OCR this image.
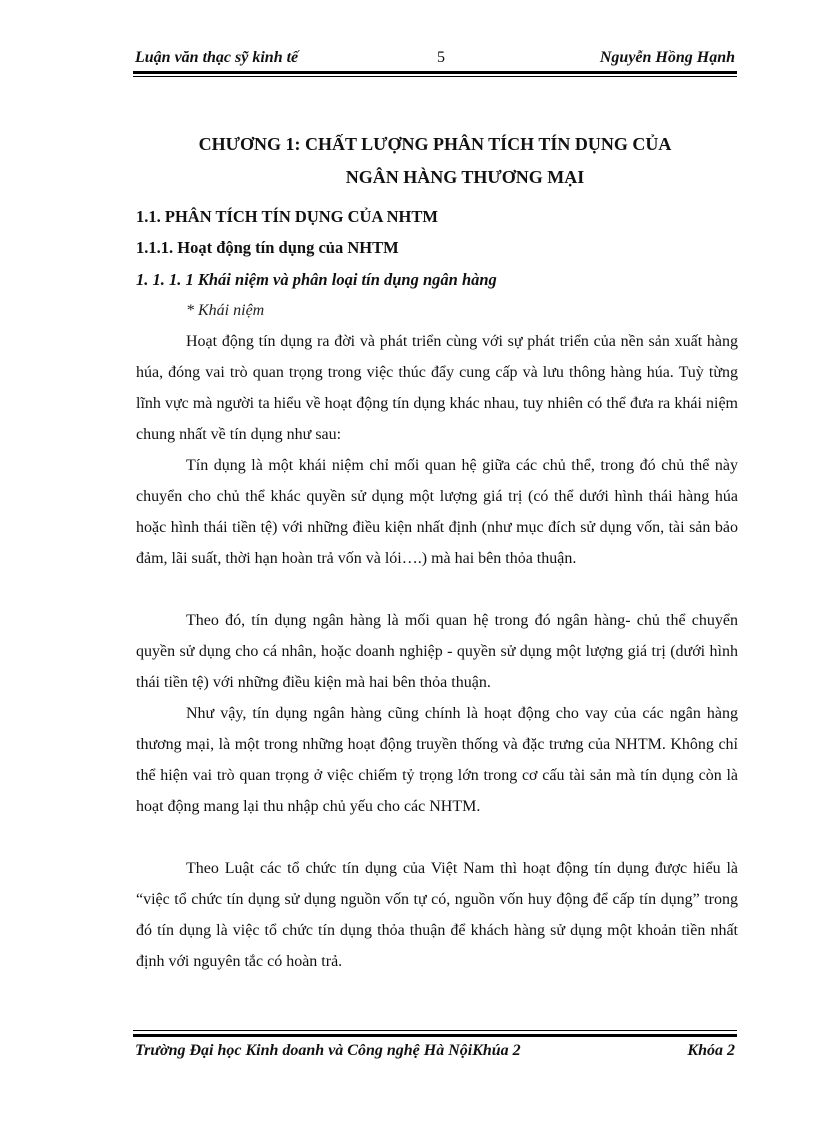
Luận văn thạc sỹ kinh tế	5	Nguyễn Hồng Hạnh
CHƯƠNG 1: CHẤT LƯỢNG PHÂN TÍCH TÍN DỤNG CỦA
NGÂN HÀNG THƯƠNG MẠI
1.1. PHÂN TÍCH TÍN DỤNG CỦA NHTM
1.1.1. Hoạt động tín dụng của NHTM
1. 1. 1. 1 Khái niệm và phân loại tín dụng ngân hàng
* Khái niệm
Hoạt động tín dụng ra đời và phát triển cùng với sự phát triển của nền sản xuất hàng húa, đóng vai trò quan trọng trong việc thúc đẩy cung cấp và lưu thông hàng húa. Tuỳ từng lĩnh vực mà người ta hiểu về hoạt động tín dụng khác nhau, tuy nhiên có thể đưa ra khái niệm chung nhất về tín dụng như sau:
Tín dụng là một khái niệm chỉ mối quan hệ giữa các chủ thể, trong đó chủ thể này chuyển cho chủ thể khác quyền sử dụng một lượng giá trị (có thể dưới hình thái hàng húa hoặc hình thái tiền tệ) với những điều kiện nhất định (như mục đích sử dụng vốn, tài sản bảo đảm, lãi suất, thời hạn hoàn trả vốn và lói….) mà hai bên thỏa thuận.
Theo đó, tín dụng ngân hàng là mối quan hệ trong đó ngân hàng- chủ thể chuyển quyền sử dụng cho cá nhân, hoặc doanh nghiệp - quyền sử dụng một lượng giá trị (dưới hình thái tiền tệ) với những điều kiện mà hai bên thỏa thuận.
Như vậy, tín dụng ngân hàng cũng chính là hoạt động cho vay của các ngân hàng thương mại, là một trong những hoạt động truyền thống và đặc trưng của NHTM. Không chỉ thể hiện vai trò quan trọng ở việc chiếm tỷ trọng lớn trong cơ cấu tài sản mà tín dụng còn là hoạt động mang lại thu nhập chủ yếu cho các NHTM.
Theo Luật các tổ chức tín dụng của Việt Nam thì hoạt động tín dụng được hiểu là “việc tổ chức tín dụng sử dụng nguồn vốn tự có, nguồn vốn huy động để cấp tín dụng” trong đó tín dụng là việc tổ chức tín dụng thỏa thuận để khách hàng sử dụng một khoản tiền nhất định với nguyên tắc có hoàn trả.
Trường Đại học Kinh doanh và Công nghệ Hà NộiKhúa 2	Khóa 2
